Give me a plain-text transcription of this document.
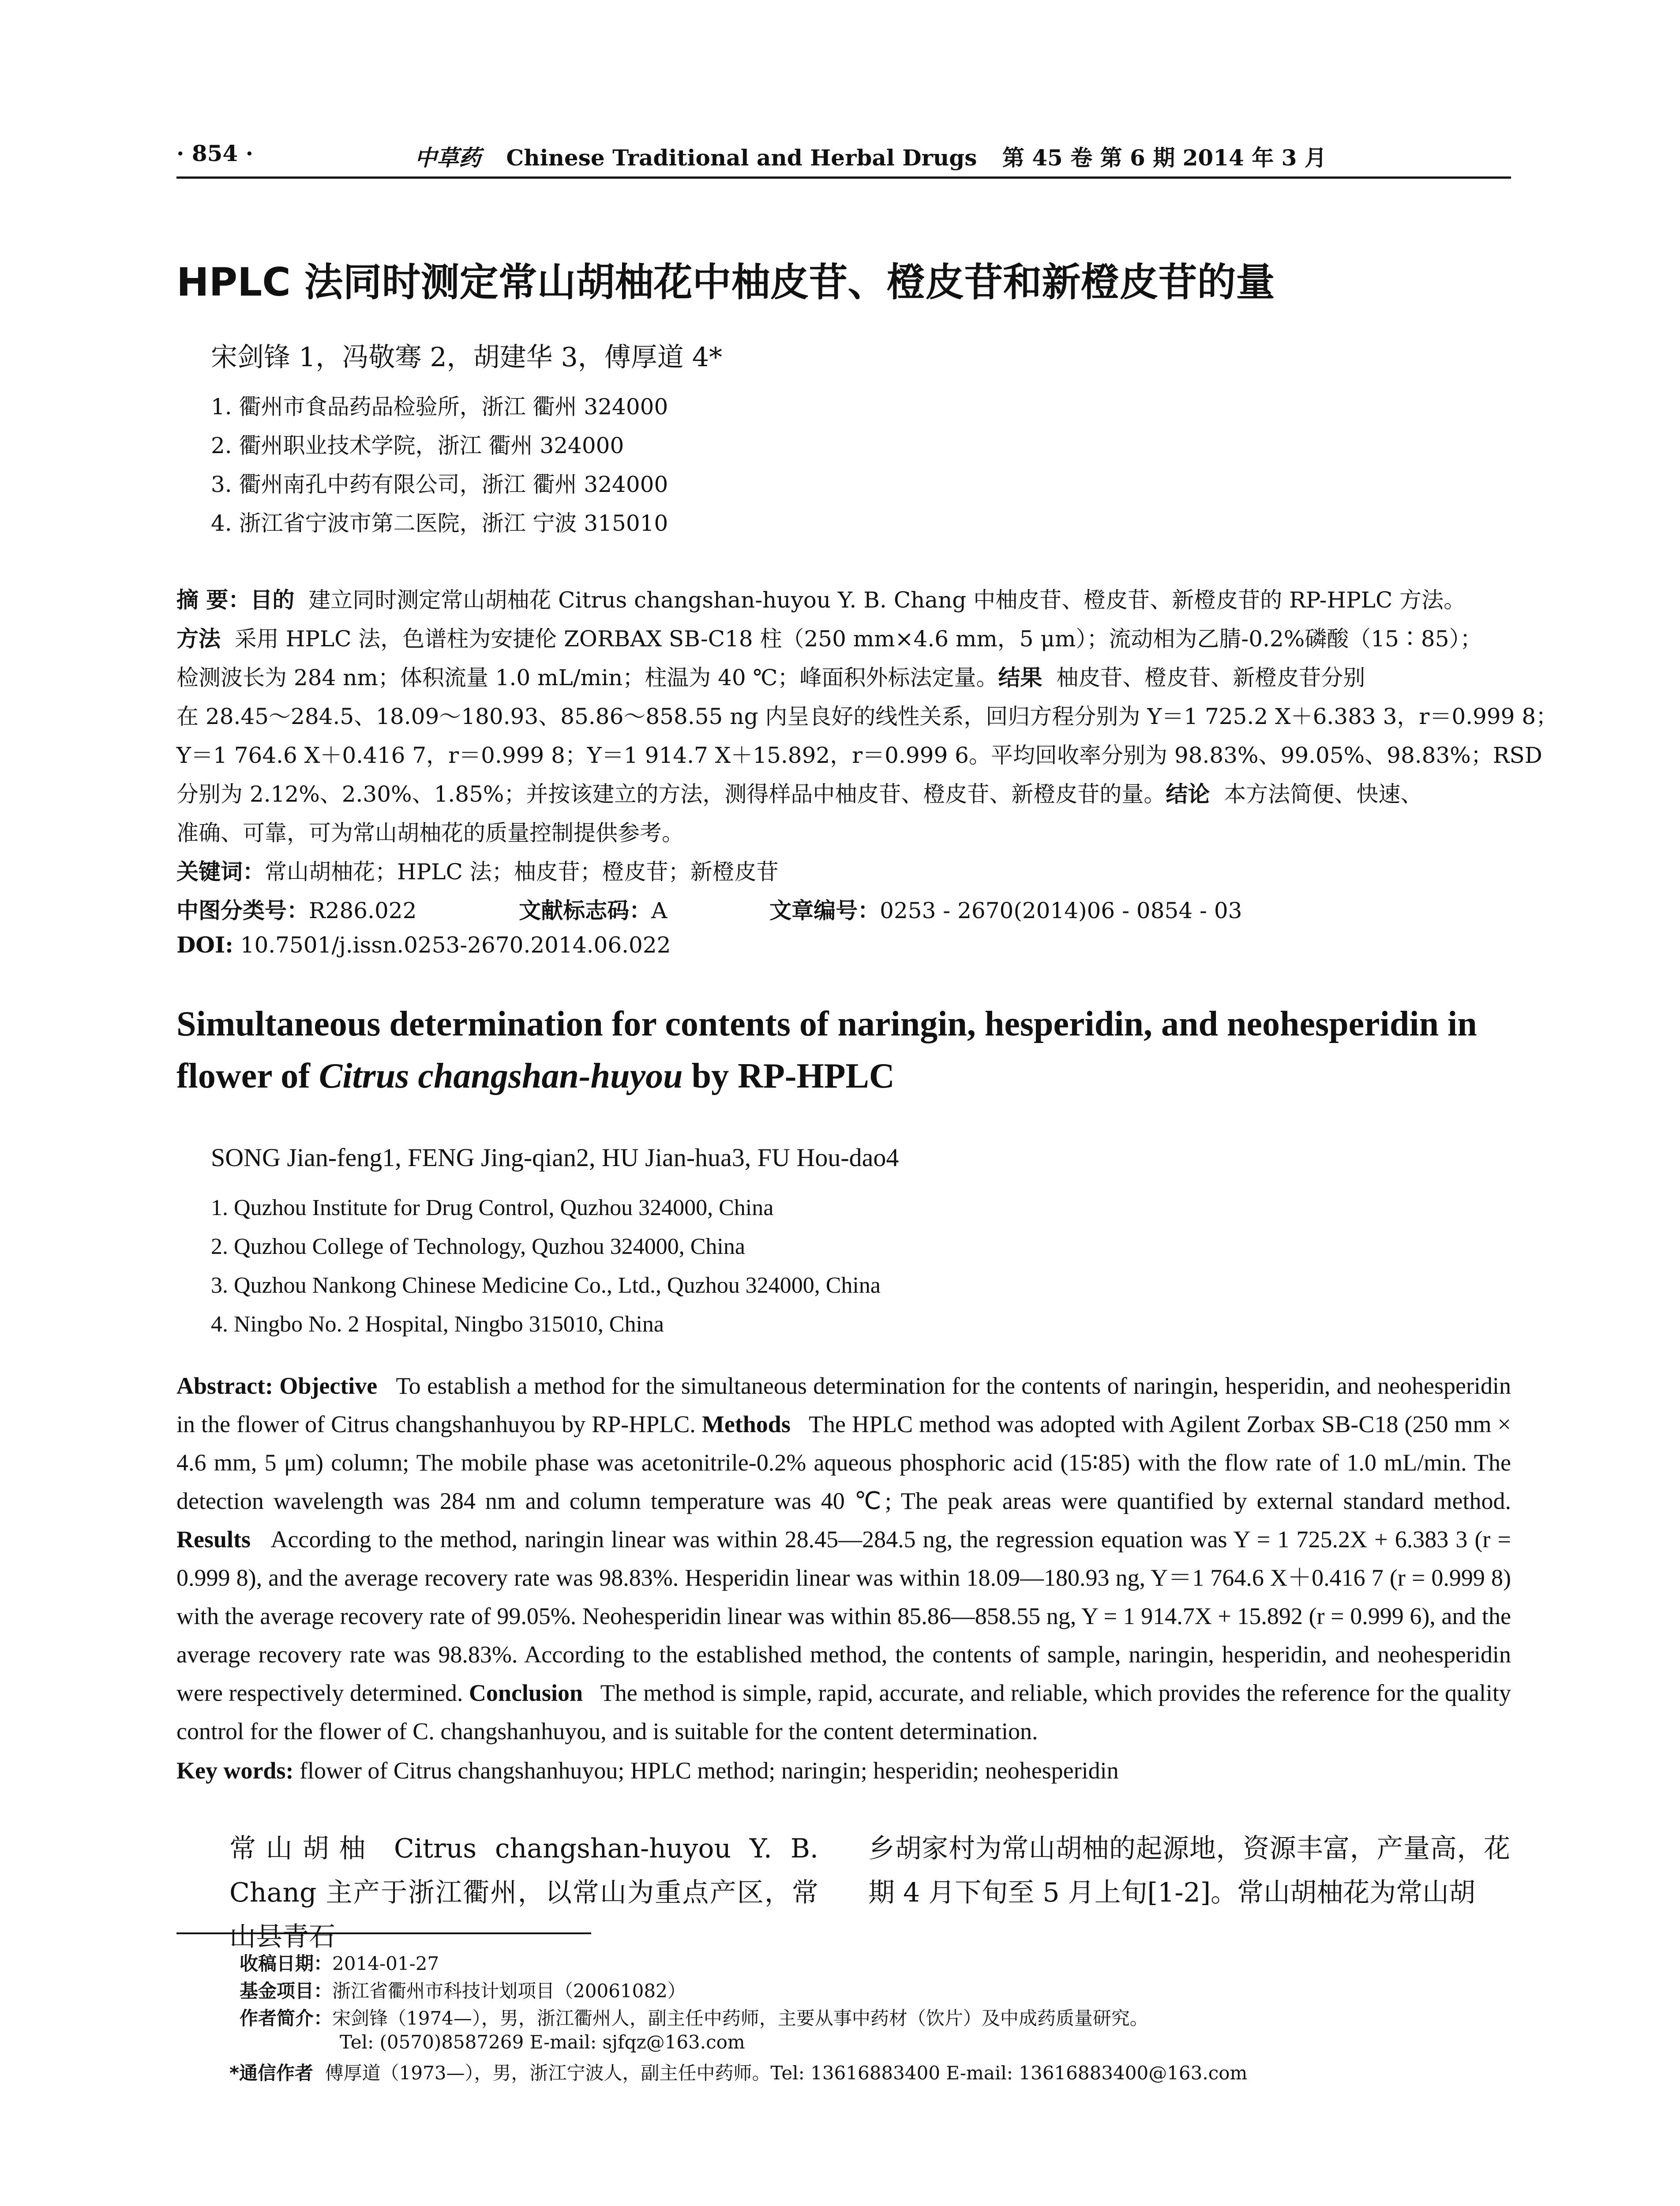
· 854 ·	中草药 Chinese Traditional and Herbal Drugs 第 45 卷 第 6 期 2014 年 3 月
HPLC 法同时测定常山胡柚花中柚皮苷、橙皮苷和新橙皮苷的量
宋剑锋 1，冯敬骞 2，胡建华 3，傅厚道 4*
1. 衢州市食品药品检验所，浙江 衢州 324000
2. 衢州职业技术学院，浙江 衢州 324000
3. 衢州南孔中药有限公司，浙江 衢州 324000
4. 浙江省宁波市第二医院，浙江 宁波 315010
摘 要：目的 建立同时测定常山胡柚花 Citrus changshan-huyou Y. B. Chang 中柚皮苷、橙皮苷、新橙皮苷的 RP-HPLC 方法。
方法 采用 HPLC 法，色谱柱为安捷伦 ZORBAX SB-C18 柱（250 mm×4.6 mm，5 μm）；流动相为乙腈-0.2%磷酸（15∶85）；
检测波长为 284 nm；体积流量 1.0 mL/min；柱温为 40 ℃；峰面积外标法定量。结果 柚皮苷、橙皮苷、新橙皮苷分别
在 28.45～284.5、18.09～180.93、85.86～858.55 ng 内呈良好的线性关系，回归方程分别为 Y＝1 725.2 X＋6.383 3，r＝0.999 8；
Y＝1 764.6 X＋0.416 7，r＝0.999 8；Y＝1 914.7 X＋15.892，r＝0.999 6。平均回收率分别为 98.83%、99.05%、98.83%；RSD
分别为 2.12%、2.30%、1.85%；并按该建立的方法，测得样品中柚皮苷、橙皮苷、新橙皮苷的量。结论 本方法简便、快速、
准确、可靠，可为常山胡柚花的质量控制提供参考。
关键词：常山胡柚花；HPLC 法；柚皮苷；橙皮苷；新橙皮苷
中图分类号：R286.022	文献标志码：A	文章编号：0253 - 2670(2014)06 - 0854 - 03
DOI: 10.7501/j.issn.0253-2670.2014.06.022
Simultaneous determination for contents of naringin, hesperidin, and neohesperidin in flower of Citrus changshan-huyou by RP-HPLC
SONG Jian-feng1, FENG Jing-qian2, HU Jian-hua3, FU Hou-dao4
1. Quzhou Institute for Drug Control, Quzhou 324000, China
2. Quzhou College of Technology, Quzhou 324000, China
3. Quzhou Nankong Chinese Medicine Co., Ltd., Quzhou 324000, China
4. Ningbo No. 2 Hospital, Ningbo 315010, China
Abstract: Objective To establish a method for the simultaneous determination for the contents of naringin, hesperidin, and neohesperidin in the flower of Citrus changshanhuyou by RP-HPLC. Methods The HPLC method was adopted with Agilent Zorbax SB-C18 (250 mm × 4.6 mm, 5 μm) column; The mobile phase was acetonitrile-0.2% aqueous phosphoric acid (15∶85) with the flow rate of 1.0 mL/min. The detection wavelength was 284 nm and column temperature was 40 ℃; The peak areas were quantified by external standard method. Results According to the method, naringin linear was within 28.45—284.5 ng, the regression equation was Y = 1 725.2X + 6.383 3 (r = 0.999 8), and the average recovery rate was 98.83%. Hesperidin linear was within 18.09—180.93 ng, Y＝1 764.6 X＋0.416 7 (r = 0.999 8) with the average recovery rate of 99.05%. Neohesperidin linear was within 85.86—858.55 ng, Y = 1 914.7X + 15.892 (r = 0.999 6), and the average recovery rate was 98.83%. According to the established method, the contents of sample, naringin, hesperidin, and neohesperidin were respectively determined. Conclusion The method is simple, rapid, accurate, and reliable, which provides the reference for the quality control for the flower of C. changshanhuyou, and is suitable for the content determination.
Key words: flower of Citrus changshanhuyou; HPLC method; naringin; hesperidin; neohesperidin
常山胡柚 Citrus changshan-huyou Y. B. Chang 主产于浙江衢州，以常山为重点产区，常山县青石
乡胡家村为常山胡柚的起源地，资源丰富，产量高，花期 4 月下旬至 5 月上旬[1-2]。常山胡柚花为常山胡
收稿日期：2014-01-27
基金项目：浙江省衢州市科技计划项目（20061082）
作者简介：宋剑锋（1974—），男，浙江衢州人，副主任中药师，主要从事中药材（饮片）及中成药质量研究。
Tel: (0570)8587269 E-mail: sjfqz@163.com
*通信作者 傅厚道（1973—），男，浙江宁波人，副主任中药师。Tel: 13616883400 E-mail: 13616883400@163.com
